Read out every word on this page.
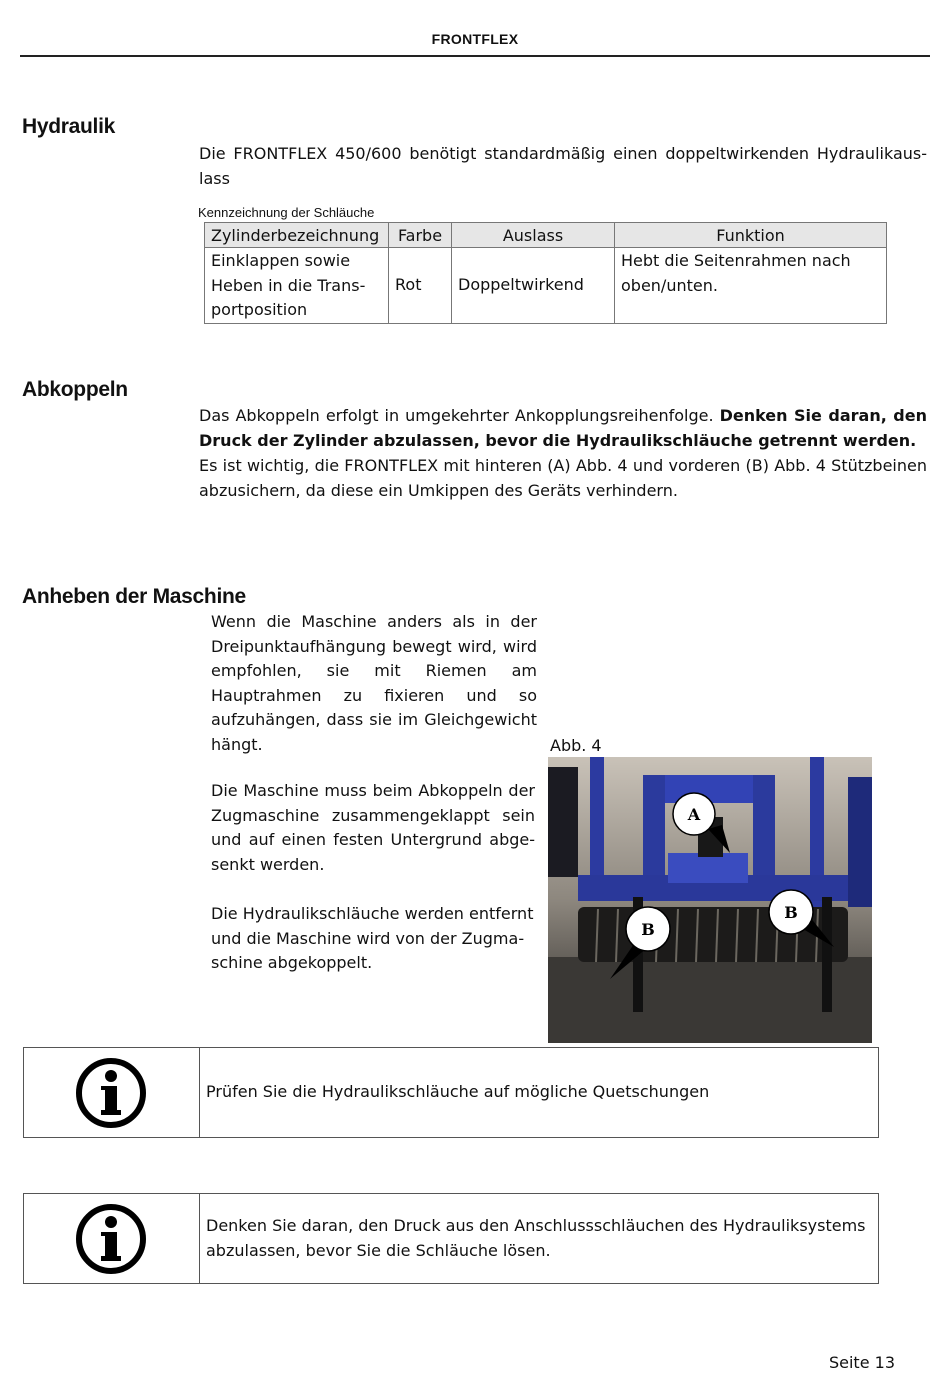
FRONTFLEX
Hydraulik

Die FRONTFLEX 450/600 benötigt standardmäßig einen doppeltwirkenden Hydraulikauslass

Kennzeichnung der Schläuche
Zylinderbezeichnung	Farbe	Auslass	Funktion
Einklappen sowie Heben in die Transportposition	Rot	Doppeltwirkend	Hebt die Seitenrahmen nach oben/unten.
Abkoppeln

Das Abkoppeln erfolgt in umgekehrter Ankopplungsreihenfolge. Denken Sie daran, den Druck der Zylinder abzulassen, bevor die Hydraulikschläuche getrennt werden.

Es ist wichtig, die FRONTFLEX mit hinteren (A) Abb. 4 und vorderen (B) Abb. 4 Stützbeinen abzusichern, da diese ein Umkippen des Geräts verhindern.

Anheben der Maschine

Wenn die Maschine anders als in der Dreipunktaufhängung bewegt wird, wird empfohlen, sie mit Riemen am Hauptrahmen zu fixieren und so aufzuhängen, dass sie im Gleichgewicht hängt.

Die Maschine muss beim Abkoppeln der Zugmaschine zusammengeklappt sein und auf einen festen Untergrund abgesenkt werden.

Die Hydraulikschläuche werden entfernt und die Maschine wird von der Zugmaschine abgekoppelt.

Abb. 4
A
B
B
Prüfen Sie die Hydraulikschläuche auf mögliche Quetschungen
Denken Sie daran, den Druck aus den Anschlussschläuchen des Hydrauliksystems abzulassen, bevor Sie die Schläuche lösen.
Seite 13
